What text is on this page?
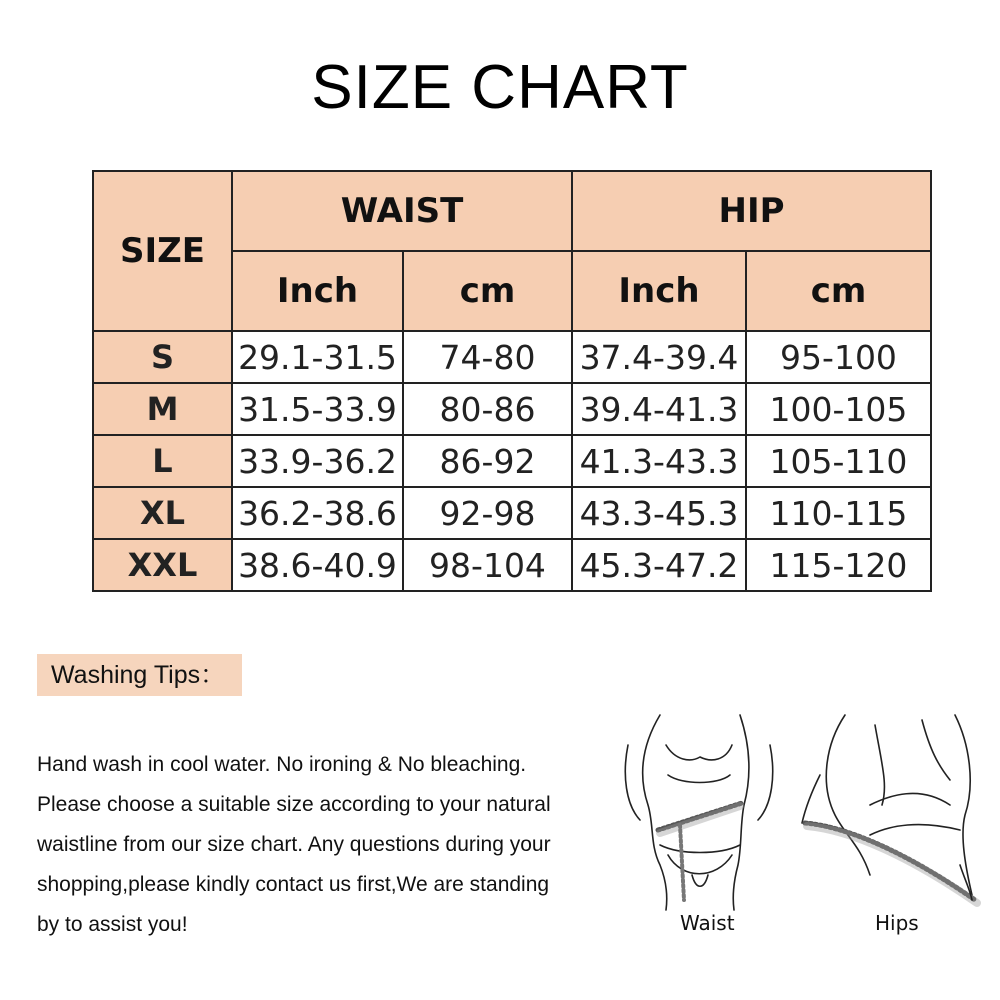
SIZE CHART
SIZE	WAIST		HIP	
	Inch	cm	Inch	cm
S	29.1-31.5	74-80	37.4-39.4	95-100
M	31.5-33.9	80-86	39.4-41.3	100-105
L	33.9-36.2	86-92	41.3-43.3	105-110
XL	36.2-38.6	92-98	43.3-45.3	110-115
XXL	38.6-40.9	98-104	45.3-47.2	115-120
Washing Tips：
Hand wash in cool water. No ironing & No bleaching.
Please choose a suitable size according to your natural
waistline from our size chart. Any questions during your
shopping,please kindly contact us first,We are standing
by to assist you!	Waist	Hips
